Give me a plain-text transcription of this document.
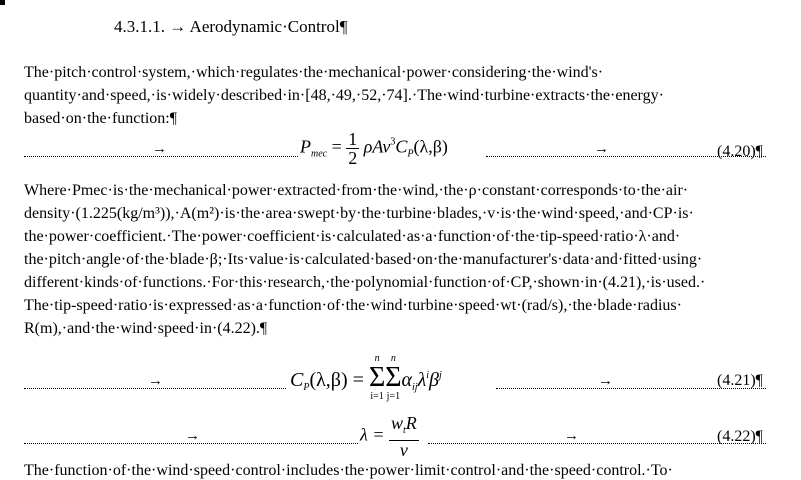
4.3.1.1. → Aerodynamic·Control¶
The·pitch·control·system,·which·regulates·the·mechanical·power·considering·the·wind's·
quantity·and·speed,·is·widely·described·in·[48,·49,·52,·74].·The·wind·turbine·extracts·the·energy·
based·on·the·function:¶
→	→
$P_{mec} = \frac{1}{2} \rho Av^3C_P(\lambda,\beta)$	(4.20)¶
Where·Pmec·is·the·mechanical·power·extracted·from·the·wind,·the·ρ·constant·corresponds·to·the·air·
density·(1.225(kg/m³)),·A(m²)·is·the·area·swept·by·the·turbine·blades,·v·is·the·wind·speed,·and·CP·is·
the·power·coefficient.·The·power·coefficient·is·calculated·as·a·function·of·the·tip-speed·ratio·λ·and·
the·pitch·angle·of·the·blade·β;·Its·value·is·calculated·based·on·the·manufacturer's·data·and·fitted·using·
different·kinds·of·functions.·For·this·research,·the·polynomial·function·of·CP,·shown·in·(4.21),·is·used.·
The·tip-speed·ratio·is·expressed·as·a·function·of·the·wind·turbine·speed·wt·(rad/s),·the·blade·radius·
R(m),·and·the·wind·speed·in·(4.22).¶
→	→
$C_P(\lambda,\beta)$ =
n
Σ
i=1
n
Σ
j=1
$\alpha_{ij}\lambda^i\beta^j$	(4.21)¶
→	→
$\lambda = \frac{w_tR}{v}$	(4.22)¶
The·function·of·the·wind·speed·control·includes·the·power·limit·control·and·the·speed·control.·To·
